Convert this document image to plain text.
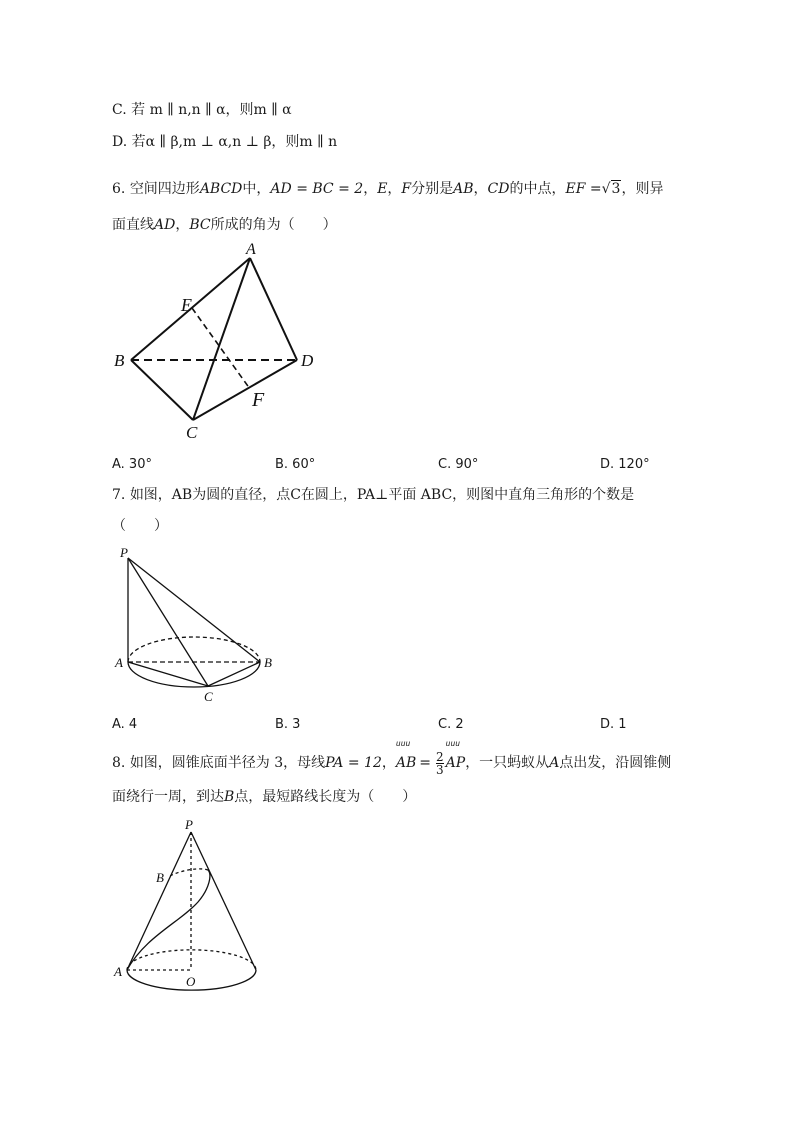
C. 若 m ∥ n,n ∥ α，则m ∥ α
D. 若α ∥ β,m ⊥ α,n ⊥ β，则m ∥ n
6. 空间四边形ABCD中，AD = BC = 2，E，F分别是AB，CD的中点，EF =√3，则异
面直线AD，BC所成的角为（　　）
A
E
B	D
F
C
A. 30°	B. 60°	C. 90°	D. 120°
7. 如图，AB为圆的直径，点C在圆上，PA⊥平面 ABC，则图中直角三角形的个数是
（　　）
P
A	B
C
A. 4	B. 3	C. 2	D. 1
8. 如图，圆锥底面半径为 3，母线PA = 12，
uuu
AB = $\frac{2}{3}$
uuu
AP，一只蚂蚁从A点出发，沿圆锥侧
面绕行一周，到达B点，最短路线长度为（　　）
P
B
A
O
